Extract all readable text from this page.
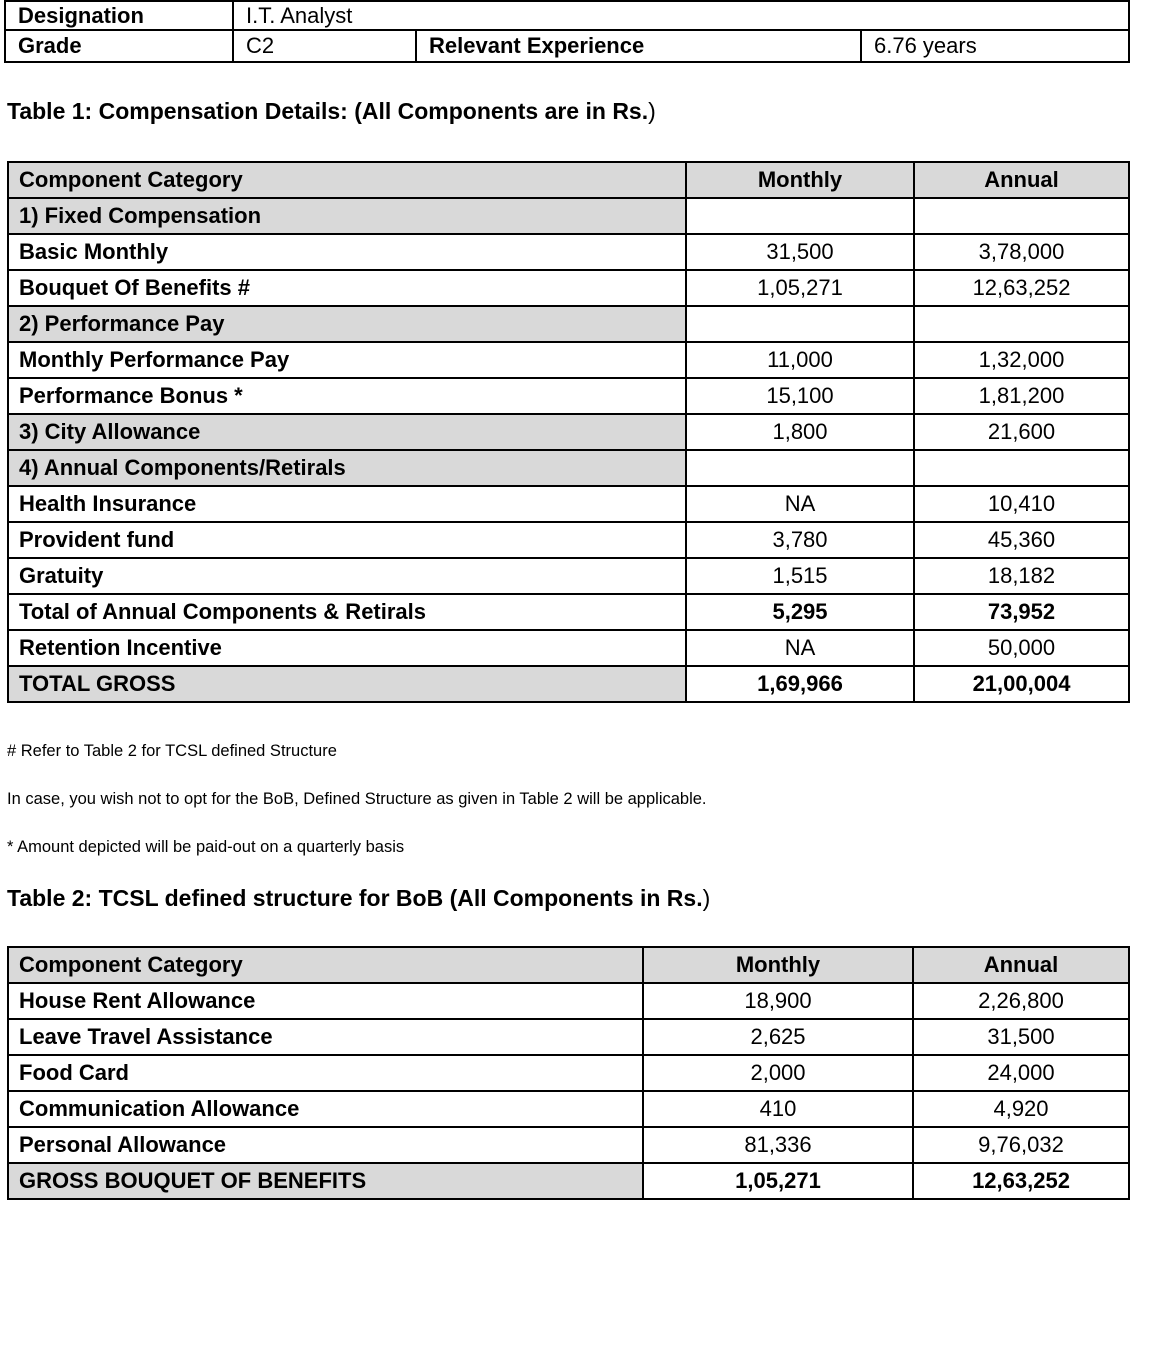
Designation	I.T. Analyst		
Grade	C2	Relevant Experience	6.76 years
Table 1: Compensation Details: (All Components are in Rs.)
Component Category	Monthly	Annual
1) Fixed Compensation		
Basic Monthly	31,500	3,78,000
Bouquet Of Benefits #	1,05,271	12,63,252
2) Performance Pay		
Monthly Performance Pay	11,000	1,32,000
Performance Bonus *	15,100	1,81,200
3) City Allowance	1,800	21,600
4) Annual Components/Retirals		
Health Insurance	NA	10,410
Provident fund	3,780	45,360
Gratuity	1,515	18,182
Total of Annual Components & Retirals	5,295	73,952
Retention Incentive	NA	50,000
TOTAL GROSS	1,69,966	21,00,004
# Refer to Table 2 for TCSL defined Structure
In case, you wish not to opt for the BoB, Defined Structure as given in Table 2 will be applicable.
* Amount depicted will be paid-out on a quarterly basis
Table 2: TCSL defined structure for BoB (All Components in Rs.)
Component Category	Monthly	Annual
House Rent Allowance	18,900	2,26,800
Leave Travel Assistance	2,625	31,500
Food Card	2,000	24,000
Communication Allowance	410	4,920
Personal Allowance	81,336	9,76,032
GROSS BOUQUET OF BENEFITS	1,05,271	12,63,252
